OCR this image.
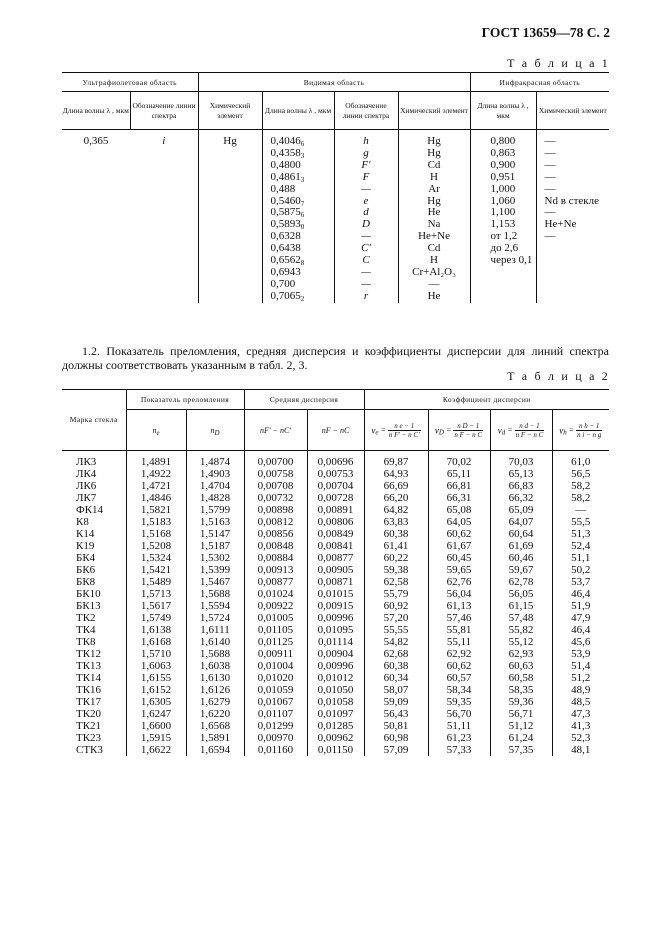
ГОСТ 13659—78 С. 2
Т а б л и ц а 1
Ультрафиолетовая область		Видимая область				Инфракрасная область	
Длина волны λ , мкм	Обозначение линии спектра	Химический элемент	Длина волны λ , мкм	Обозначение линии спектра	Химический элемент	Длина волны λ , мкм	Химический элемент
0,365	i	Hg	$0,4046_6$	h	Hg	0,800	—
			$0,4358_3$	g	Hg	0,863	—
			0,4800	F′	Cd	0,900	—
			$0,4861_3$	F	H	0,951	—
			0,488	—	Ar	1,000	—
			$0,5460_7$	e	Hg	1,060	Nd в стекле
			$0,5875_6$	d	He	1,100	—
			$0,5893_0$	D	Na	1,153	He+Ne
			0,6328	—	He+Ne	от 1,2	—
			0,6438	C′	Cd	до 2,6	
			$0,6562_8$	C	H	через 0,1	
			0,6943	—	Cr+Al₂O₃		
			0,700	—	—		
			$0,7065_2$	r	He		
1.2. Показатель преломления, средняя дисперсия и коэффициенты дисперсии для линий спектра должны соответствовать указанным в табл. 2, 3.
Т а б л и ц а 2
Марка стекла	Показатель преломления		Средняя дисперсия		Коэффициент дисперсии			
	$n_e$	$n_D$	nF′ − nC′	nF − nC	$\nu_e = \frac{\text{n e − 1}}{\text{n F′ − n C′}}$	$\nu_D = \frac{\text{n D − 1}}{\text{n F − n C}}$	$\nu_d = \frac{\text{n d − 1}}{\text{n F − n C}}$	$\nu_h = \frac{\text{n h − 1}}{\text{n i − n g}}$

ЛК3	1,4891	1,4874	0,00700	0,00696	69,87	70,02	70,03	61,0
ЛК4	1,4922	1,4903	0,00758	0,00753	64,93	65,11	65,13	56,5
ЛК6	1,4721	1,4704	0,00708	0,00704	66,69	66,81	66,83	58,2
ЛК7	1,4846	1,4828	0,00732	0,00728	66,20	66,31	66,32	58,2
ФК14	1,5821	1,5799	0,00898	0,00891	64,82	65,08	65,09	—
К8	1,5183	1,5163	0,00812	0,00806	63,83	64,05	64,07	55,5
К14	1,5168	1,5147	0,00856	0,00849	60,38	60,62	60,64	51,3
К19	1,5208	1,5187	0,00848	0,00841	61,41	61,67	61,69	52,4
БК4	1,5324	1,5302	0,00884	0,00877	60,22	60,45	60,46	51,1
БК6	1,5421	1,5399	0,00913	0,00905	59,38	59,65	59,67	50,2
БК8	1,5489	1,5467	0,00877	0,00871	62,58	62,76	62,78	53,7
БК10	1,5713	1,5688	0,01024	0,01015	55,79	56,04	56,05	46,4
БК13	1,5617	1,5594	0,00922	0,00915	60,92	61,13	61,15	51,9
ТК2	1,5749	1,5724	0,01005	0,00996	57,20	57,46	57,48	47,9
ТК4	1,6138	1,6111	0,01105	0,01095	55,55	55,81	55,82	46,4
ТК8	1,6168	1,6140	0,01125	0,01114	54,82	55,11	55,12	45,6
ТК12	1,5710	1,5688	0,00911	0,00904	62,68	62,92	62,93	53,9
ТК13	1,6063	1,6038	0,01004	0,00996	60,38	60,62	60,63	51,4
ТК14	1,6155	1,6130	0,01020	0,01012	60,34	60,57	60,58	51,2
ТК16	1,6152	1,6126	0,01059	0,01050	58,07	58,34	58,35	48,9
ТК17	1,6305	1,6279	0,01067	0,01058	59,09	59,35	59,36	48,5
ТК20	1,6247	1,6220	0,01107	0,01097	56,43	56,70	56,71	47,3
ТК21	1,6600	1,6568	0,01299	0,01285	50,81	51,11	51,12	41,3
ТК23	1,5915	1,5891	0,00970	0,00962	60,98	61,23	61,24	52,3
СТК3	1,6622	1,6594	0,01160	0,01150	57,09	57,33	57,35	48,1
